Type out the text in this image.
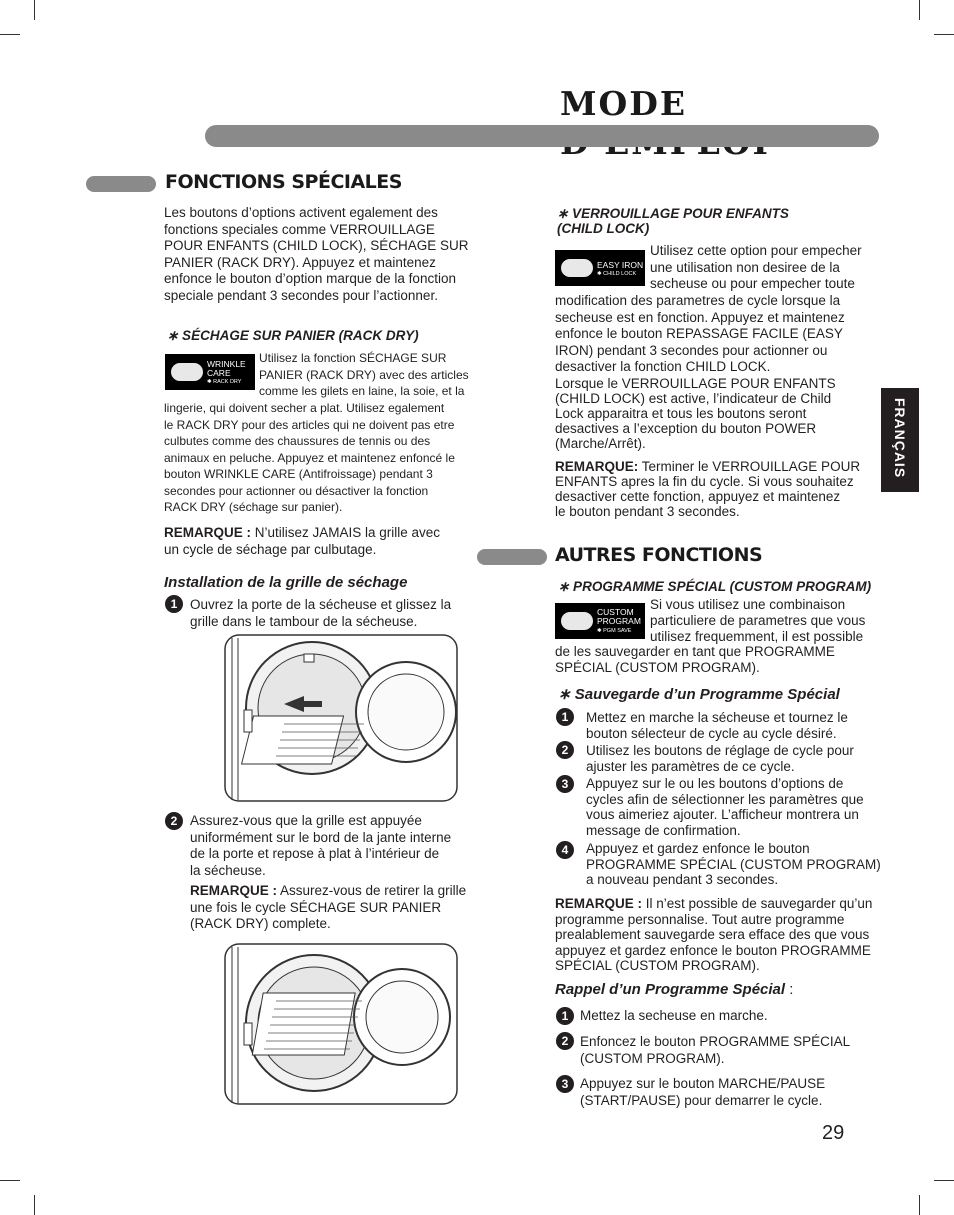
MODE
FRANÇAIS
FONCTIONS SPÉCIALES
Les boutons d’options activent egalement des
fonctions speciales comme VERROUILLAGE
POUR ENFANTS (CHILD LOCK), SÉCHAGE SUR
PANIER (RACK DRY). Appuyez et maintenez
enfonce le bouton d’option marque de la fonction
speciale pendant 3 secondes pour l’actionner.
∗ SÉCHAGE SUR PANIER (RACK DRY)
WRINKLE CARE
✱ RACK DRY
Utilisez la fonction SÉCHAGE SUR
PANIER (RACK DRY) avec des articles
comme les gilets en laine, la soie, et la
lingerie, qui doivent secher a plat. Utilisez egalement
le RACK DRY pour des articles qui ne doivent pas etre
culbutes comme des chaussures de tennis ou des
animaux en peluche. Appuyez et maintenez enfoncé le
bouton WRINKLE CARE (Antifroissage) pendant 3
secondes pour actionner ou désactiver la fonction
RACK DRY (séchage sur panier).
REMARQUE : N’utilisez JAMAIS la grille avec
un cycle de séchage par culbutage.
Installation de la grille de séchage
1 Ouvrez la porte de la sécheuse et glissez la
grille dans le tambour de la sécheuse.
2 Assurez-vous que la grille est appuyée
uniformément sur le bord de la jante interne
de la porte et repose à plat à l’intérieur de
la sécheuse.
REMARQUE : Assurez-vous de retirer la grille
une fois le cycle SÉCHAGE SUR PANIER
(RACK DRY) complete.
∗ VERROUILLAGE POUR ENFANTS
(CHILD LOCK)
EASY IRON
✱ CHILD LOCK
Utilisez cette option pour empecher
une utilisation non desiree de la
secheuse ou pour empecher toute
modification des parametres de cycle lorsque la
secheuse est en fonction. Appuyez et maintenez
enfonce le bouton REPASSAGE FACILE (EASY
IRON) pendant 3 secondes pour actionner ou
desactiver la fonction CHILD LOCK.
Lorsque le VERROUILLAGE POUR ENFANTS
(CHILD LOCK) est active, l’indicateur de Child
Lock apparaitra et tous les boutons seront
desactives a l’exception du bouton POWER
(Marche/Arrêt).
REMARQUE: Terminer le VERROUILLAGE POUR
ENFANTS apres la fin du cycle. Si vous souhaitez
desactiver cette fonction, appuyez et maintenez
le bouton pendant 3 secondes.
AUTRES FONCTIONS
∗ PROGRAMME SPÉCIAL (CUSTOM PROGRAM)
CUSTOM PROGRAM
✱ PGM SAVE
Si vous utilisez une combinaison
particuliere de parametres que vous
utilisez frequemment, il est possible
de les sauvegarder en tant que PROGRAMME
SPÉCIAL (CUSTOM PROGRAM).
∗ Sauvegarde d’un Programme Spécial
1	Mettez en marche la sécheuse et tournez le
bouton sélecteur de cycle au cycle désiré.
2	Utilisez les boutons de réglage de cycle pour
ajuster les paramètres de ce cycle.
3	Appuyez sur le ou les boutons d’options de
cycles afin de sélectionner les paramètres que
vous aimeriez ajouter. L’afficheur montrera un
message de confirmation.
4	Appuyez et gardez enfonce le bouton
PROGRAMME SPÉCIAL (CUSTOM PROGRAM)
a nouveau pendant 3 secondes.
REMARQUE : Il n’est possible de sauvegarder qu’un
programme personnalise. Tout autre programme
prealablement sauvegarde sera efface des que vous
appuyez et gardez enfonce le bouton PROGRAMME
SPÉCIAL (CUSTOM PROGRAM).
Rappel d’un Programme Spécial :
1 Mettez la secheuse en marche.
2 Enfoncez le bouton PROGRAMME SPÉCIAL
(CUSTOM PROGRAM).
3 Appuyez sur le bouton MARCHE/PAUSE
(START/PAUSE) pour demarrer le cycle.
29
